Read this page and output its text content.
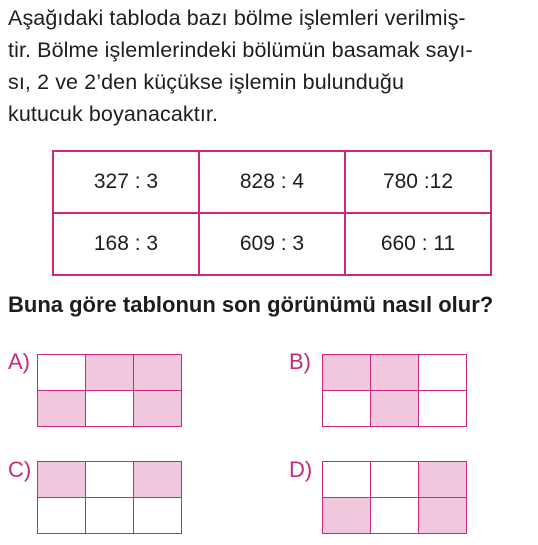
Aşağıdaki tabloda bazı bölme işlemleri verilmiş-
tir. Bölme işlemlerindeki bölümün basamak sayı-
sı, 2 ve 2’den küçükse işlemin bulunduğu
kutucuk boyanacaktır.
327 : 3	828 : 4	780 :12
168 : 3	609 : 3	660 : 11
Buna göre tablonun son görünümü nasıl olur?
A)	B)
C)	D)
